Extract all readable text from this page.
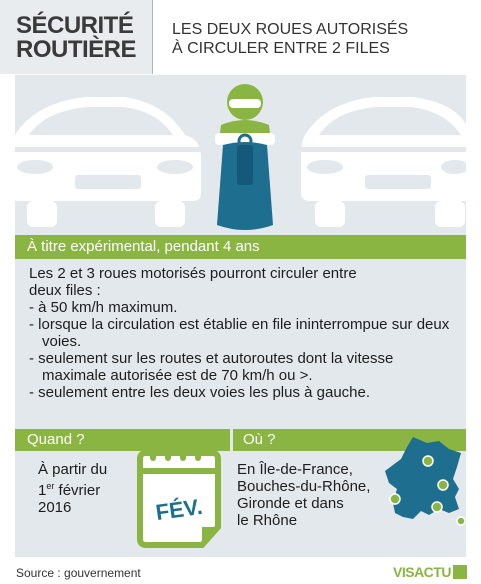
SÉCURITÉ
ROUTIÈRE
LES DEUX ROUES AUTORISÉS
À CIRCULER ENTRE 2 FILES
À titre expérimental, pendant 4 ans
Les 2 et 3 roues motorisés pourront circuler entre
deux files :
- à 50 km/h maximum.
- lorsque la circulation est établie en file ininterrompue sur deux voies.
- seulement sur les routes et autoroutes dont la vitesse maximale autorisée est de 70 km/h ou >.
- seulement entre les deux voies les plus à gauche.
Quand ?
À partir du
1er février
2016	FÉV.
Où ?
En Île-de-France,
Bouches-du-Rhône,
Gironde et dans
le Rhône
Source : gouvernement	VISACTU
